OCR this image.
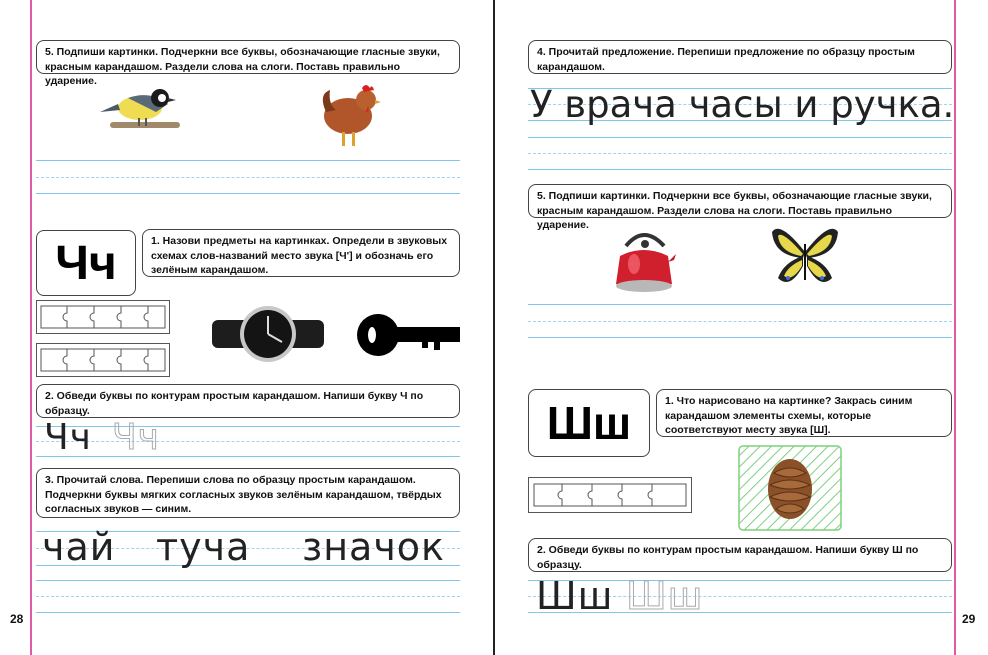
5. Подпиши картинки. Подчеркни все буквы, обозначающие гласные звуки, красным карандашом. Раздели слова на слоги. Поставь правильно ударение.
Чч	1. Назови предметы на картинках. Определи в звуковых схемах слов-названий место звука [Ч'] и обозначь его зелёным карандашом.
2. Обведи буквы по контурам простым карандашом. Напиши букву Ч по образцу.
Чч Чч
3. Прочитай слова. Перепиши слова по образцу простым карандашом. Подчеркни буквы мягких согласных звуков зелёным карандашом, твёрдых согласных звуков — синим.
чай туча значок
28
4. Прочитай предложение. Перепиши предложение по образцу простым карандашом.
У врача часы и ручка.
5. Подпиши картинки. Подчеркни все буквы, обозначающие гласные звуки, красным карандашом. Раздели слова на слоги. Поставь правильно ударение.
Шш	1. Что нарисовано на картинке? Закрась синим карандашом элементы схемы, которые соответствуют месту звука [Ш].
2. Обведи буквы по контурам простым карандашом. Напиши букву Ш по образцу.
Шш Шш
29
